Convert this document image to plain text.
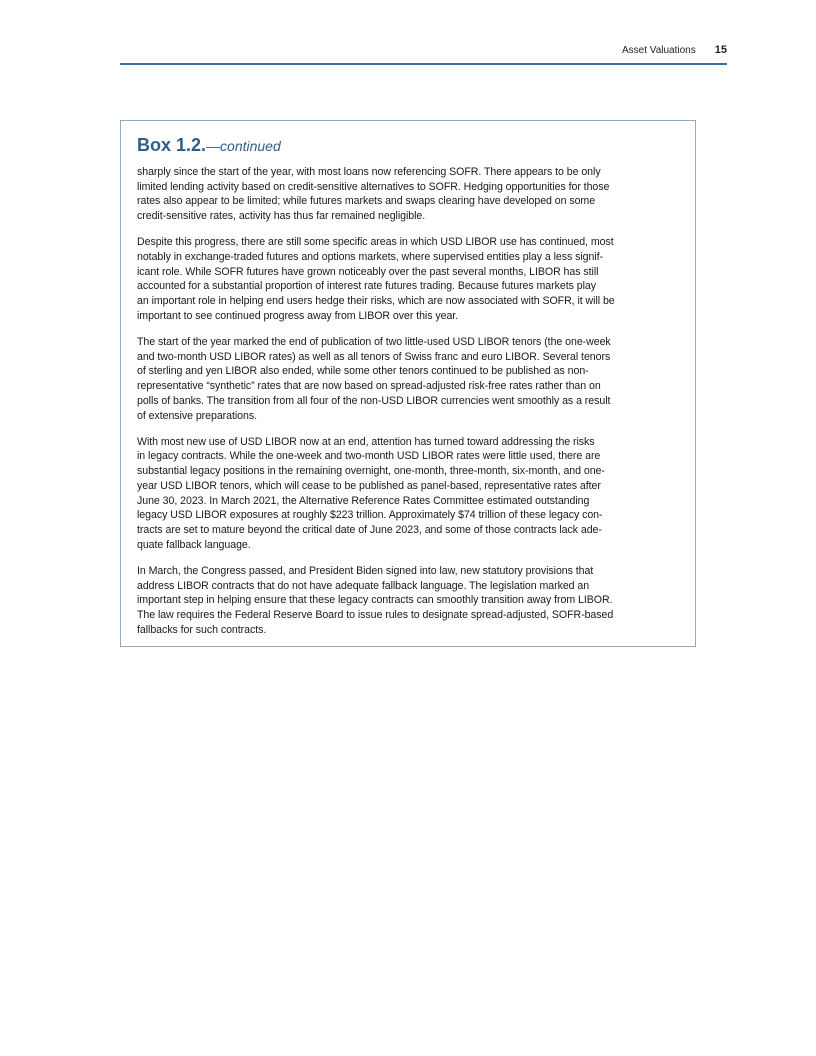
Asset Valuations 15
Box 1.2.—continued

sharply since the start of the year, with most loans now referencing SOFR. There appears to be only
limited lending activity based on credit-sensitive alternatives to SOFR. Hedging opportunities for those
rates also appear to be limited; while futures markets and swaps clearing have developed on some
credit-sensitive rates, activity has thus far remained negligible.

Despite this progress, there are still some specific areas in which USD LIBOR use has continued, most
notably in exchange-traded futures and options markets, where supervised entities play a less signif-
icant role. While SOFR futures have grown noticeably over the past several months, LIBOR has still
accounted for a substantial proportion of interest rate futures trading. Because futures markets play
an important role in helping end users hedge their risks, which are now associated with SOFR, it will be
important to see continued progress away from LIBOR over this year.

The start of the year marked the end of publication of two little-used USD LIBOR tenors (the one-week
and two-month USD LIBOR rates) as well as all tenors of Swiss franc and euro LIBOR. Several tenors
of sterling and yen LIBOR also ended, while some other tenors continued to be published as non-
representative “synthetic” rates that are now based on spread-adjusted risk-free rates rather than on
polls of banks. The transition from all four of the non-USD LIBOR currencies went smoothly as a result
of extensive preparations.

With most new use of USD LIBOR now at an end, attention has turned toward addressing the risks
in legacy contracts. While the one-week and two-month USD LIBOR rates were little used, there are
substantial legacy positions in the remaining overnight, one-month, three-month, six-month, and one-
year USD LIBOR tenors, which will cease to be published as panel-based, representative rates after
June 30, 2023. In March 2021, the Alternative Reference Rates Committee estimated outstanding
legacy USD LIBOR exposures at roughly $223 trillion. Approximately $74 trillion of these legacy con-
tracts are set to mature beyond the critical date of June 2023, and some of those contracts lack ade-
quate fallback language.

In March, the Congress passed, and President Biden signed into law, new statutory provisions that
address LIBOR contracts that do not have adequate fallback language. The legislation marked an
important step in helping ensure that these legacy contracts can smoothly transition away from LIBOR.
The law requires the Federal Reserve Board to issue rules to designate spread-adjusted, SOFR-based
fallbacks for such contracts.
